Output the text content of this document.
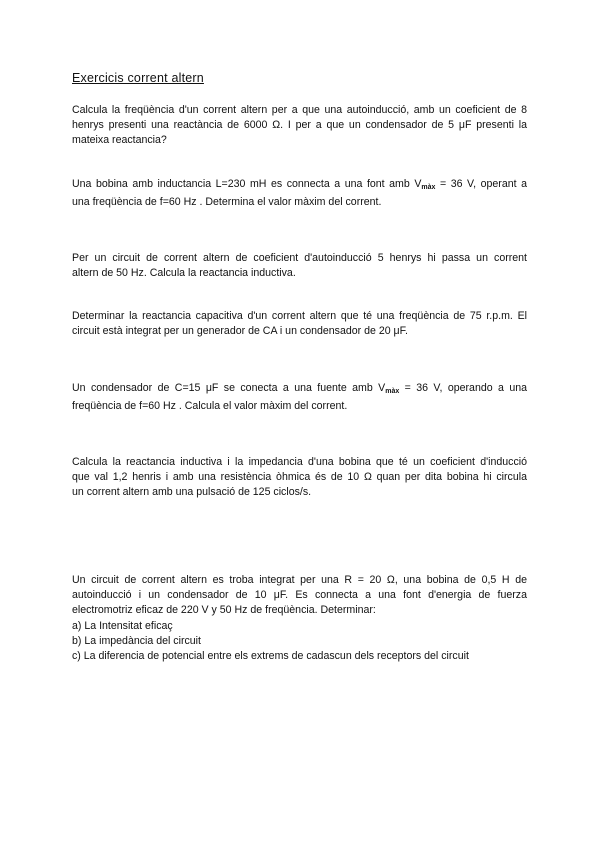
Exercicis corrent altern
Calcula la freqüència d'un corrent altern per a que una autoinducció, amb un coeficient de 8
henrys presenti una reactància de 6000 Ω. I per a que un condensador de 5 μF presenti la
mateixa reactancia?
Una bobina amb inductancia L=230 mH es connecta a una font amb $V_{màx} = 36$ V, operant a
una freqüència de f=60 Hz . Determina el valor màxim del corrent.
Per un circuit de corrent altern de coeficient d'autoinducció 5 henrys hi passa un corrent
altern de 50 Hz. Calcula la reactancia inductiva.
Determinar la reactancia capacitiva d'un corrent altern que té una freqüència de 75 r.p.m. El
circuit està integrat per un generador de CA i un condensador de 20 μF.
Un condensador de C=15 μF se conecta a una fuente amb $V_{màx} = 36$ V, operando a una
freqüència de f=60 Hz . Calcula el valor màxim del corrent.
Calcula la reactancia inductiva i la impedancia d'una bobina que té un coeficient d'inducció
que val 1,2 henris i amb una resistència òhmica és de 10 Ω quan per dita bobina hi circula
un corrent altern amb una pulsació de 125 ciclos/s.
Un circuit de corrent altern es troba integrat per una R = 20 Ω, una bobina de 0,5 H de
autoinducció i un condensador de 10 μF. Es connecta a una font d'energia de fuerza
electromotriz eficaz de 220 V y 50 Hz de freqüència. Determinar:
a) La Intensitat eficaç
b) La impedància del circuit
c) La diferencia de potencial entre els extrems de cadascun dels receptors del circuit
